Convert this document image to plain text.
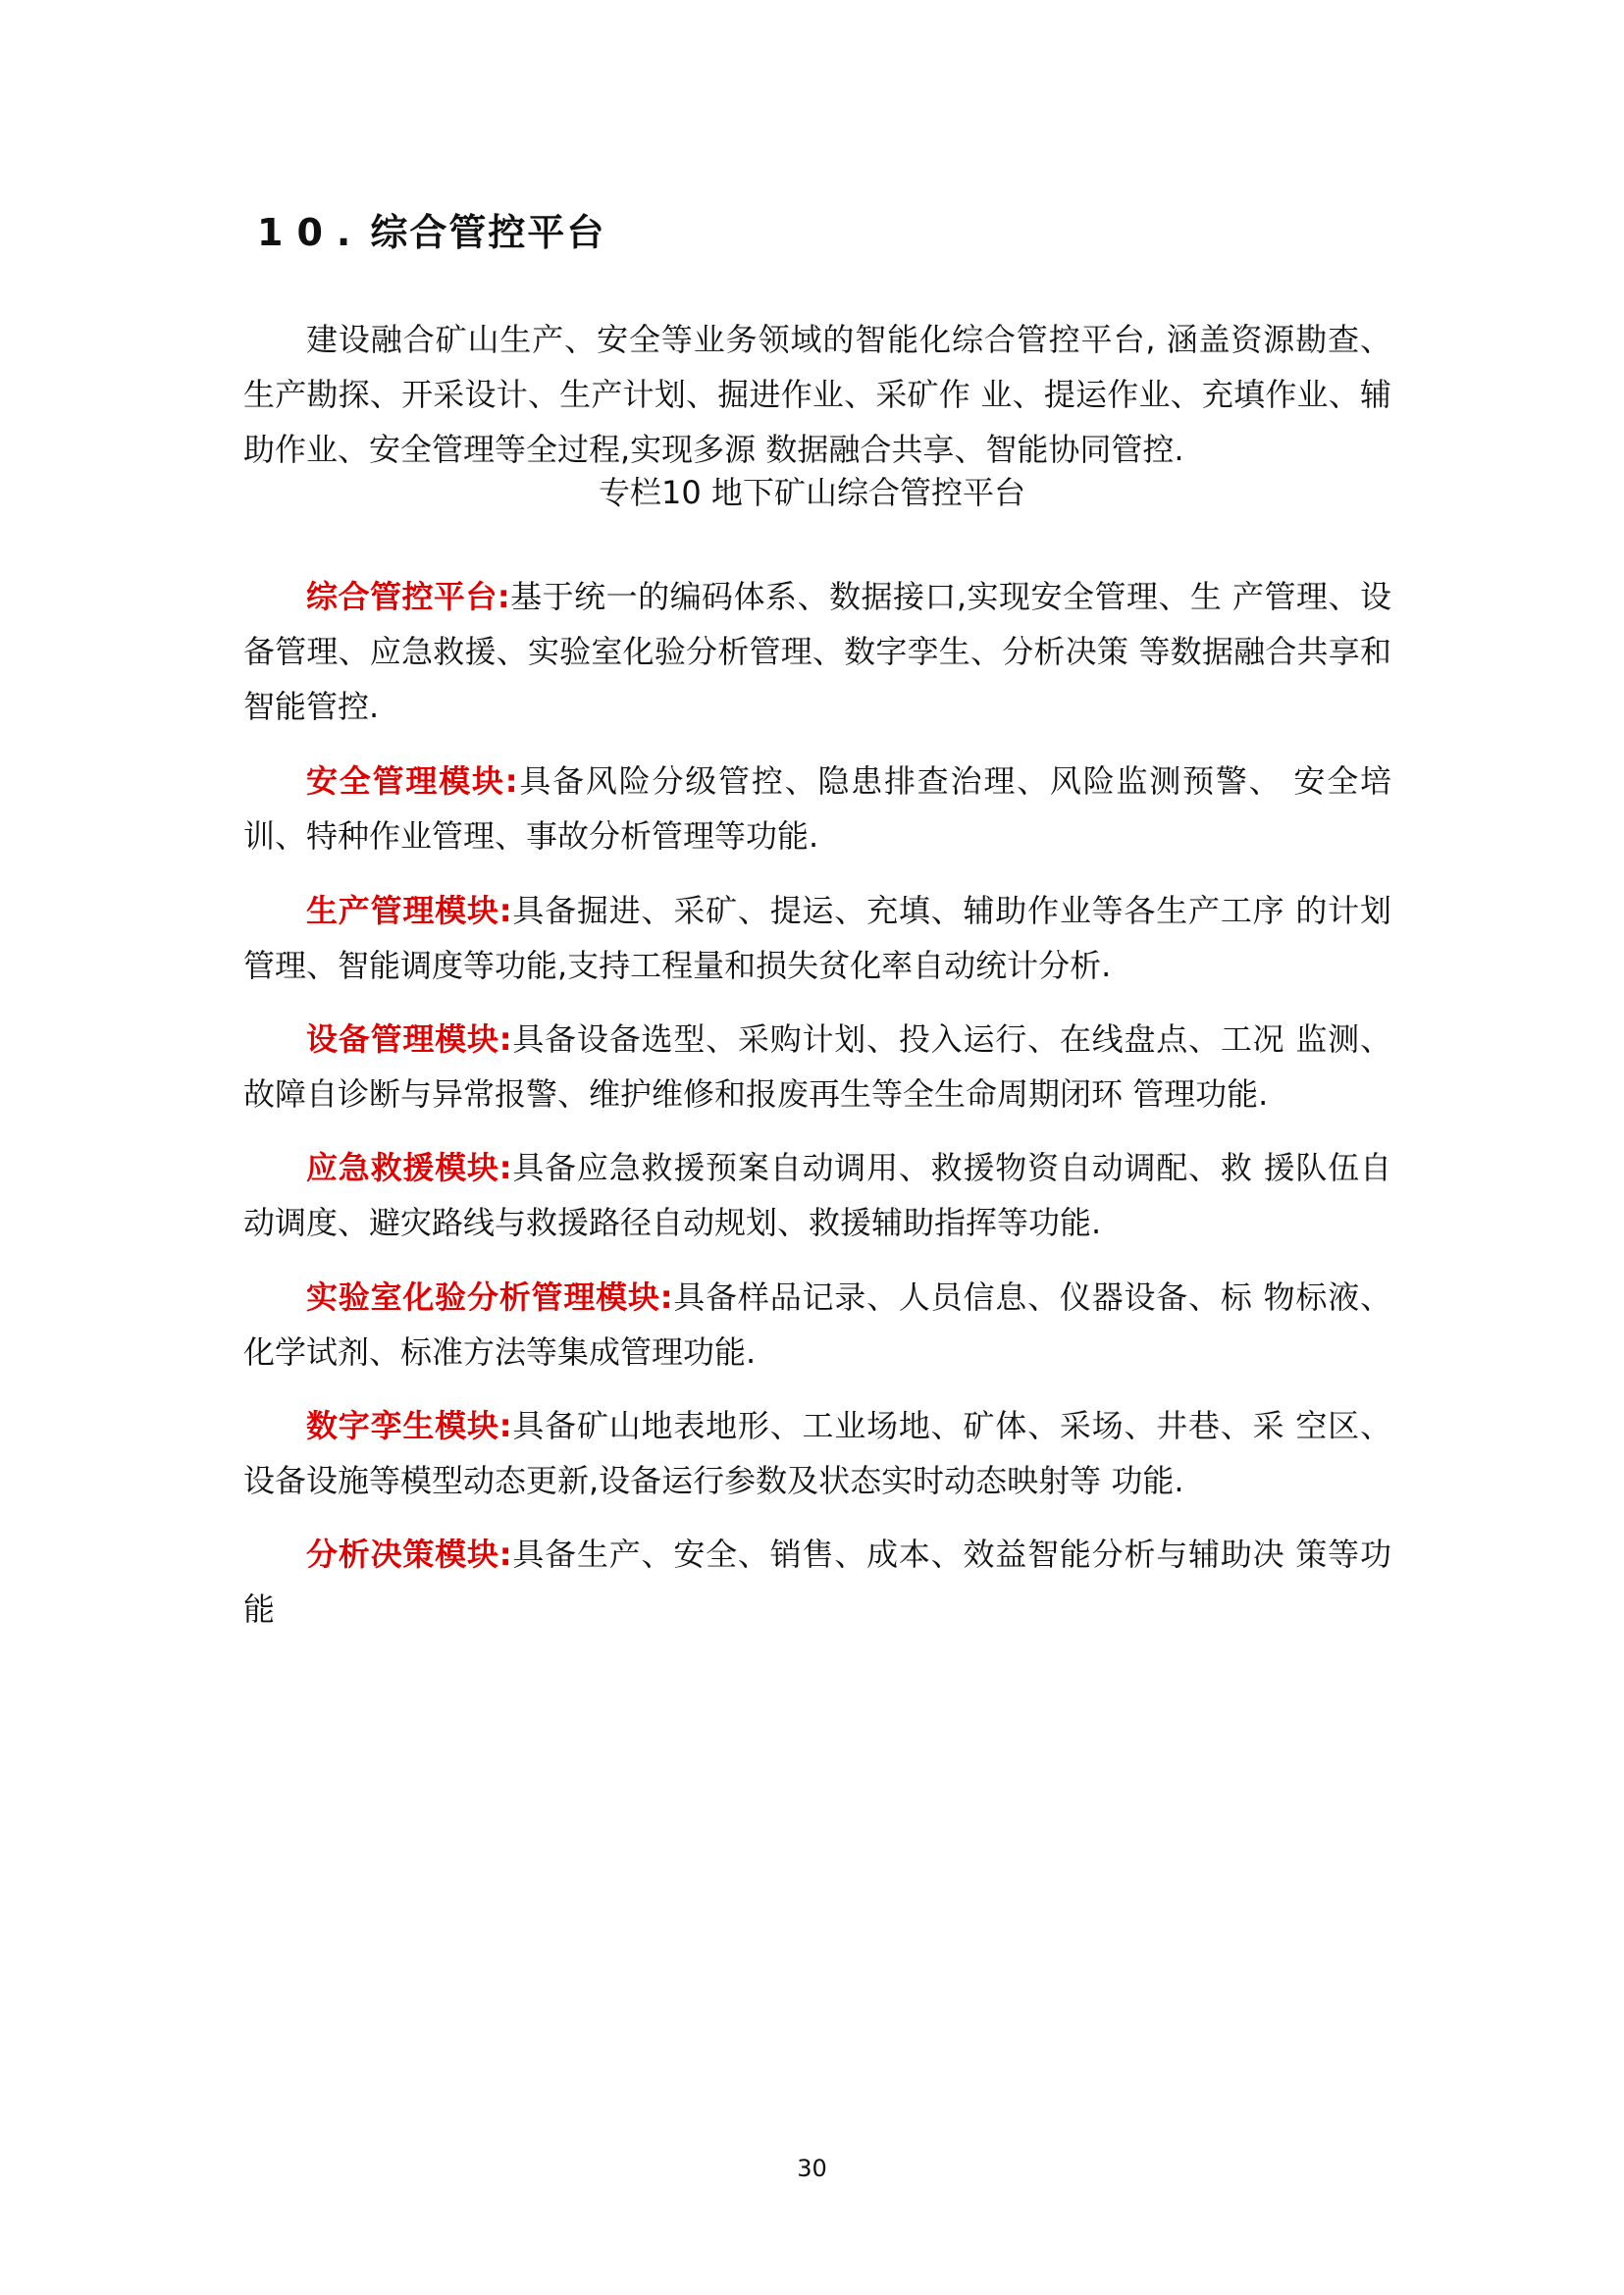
10. 综合管控平台

建设融合矿山生产、安全等业务领域的智能化综合管控平台, 涵盖资源勘查、生产勘探、开采设计、生产计划、掘进作业、采矿作 业、提运作业、充填作业、辅助作业、安全管理等全过程,实现多源 数据融合共享、智能协同管控.

专栏10 地下矿山综合管控平台

综合管控平台:基于统一的编码体系、数据接口,实现安全管理、生 产管理、设备管理、应急救援、实验室化验分析管理、数字孪生、分析决策 等数据融合共享和智能管控.

安全管理模块:具备风险分级管控、隐患排查治理、风险监测预警、 安全培训、特种作业管理、事故分析管理等功能.

生产管理模块:具备掘进、采矿、提运、充填、辅助作业等各生产工序 的计划管理、智能调度等功能,支持工程量和损失贫化率自动统计分析.

设备管理模块:具备设备选型、采购计划、投入运行、在线盘点、工况 监测、故障自诊断与异常报警、维护维修和报废再生等全生命周期闭环 管理功能.

应急救援模块:具备应急救援预案自动调用、救援物资自动调配、救 援队伍自动调度、避灾路线与救援路径自动规划、救援辅助指挥等功能.

实验室化验分析管理模块:具备样品记录、人员信息、仪器设备、标 物标液、化学试剂、标准方法等集成管理功能.

数字孪生模块:具备矿山地表地形、工业场地、矿体、采场、井巷、采 空区、设备设施等模型动态更新,设备运行参数及状态实时动态映射等 功能.

分析决策模块:具备生产、安全、销售、成本、效益智能分析与辅助决 策等功能

30
